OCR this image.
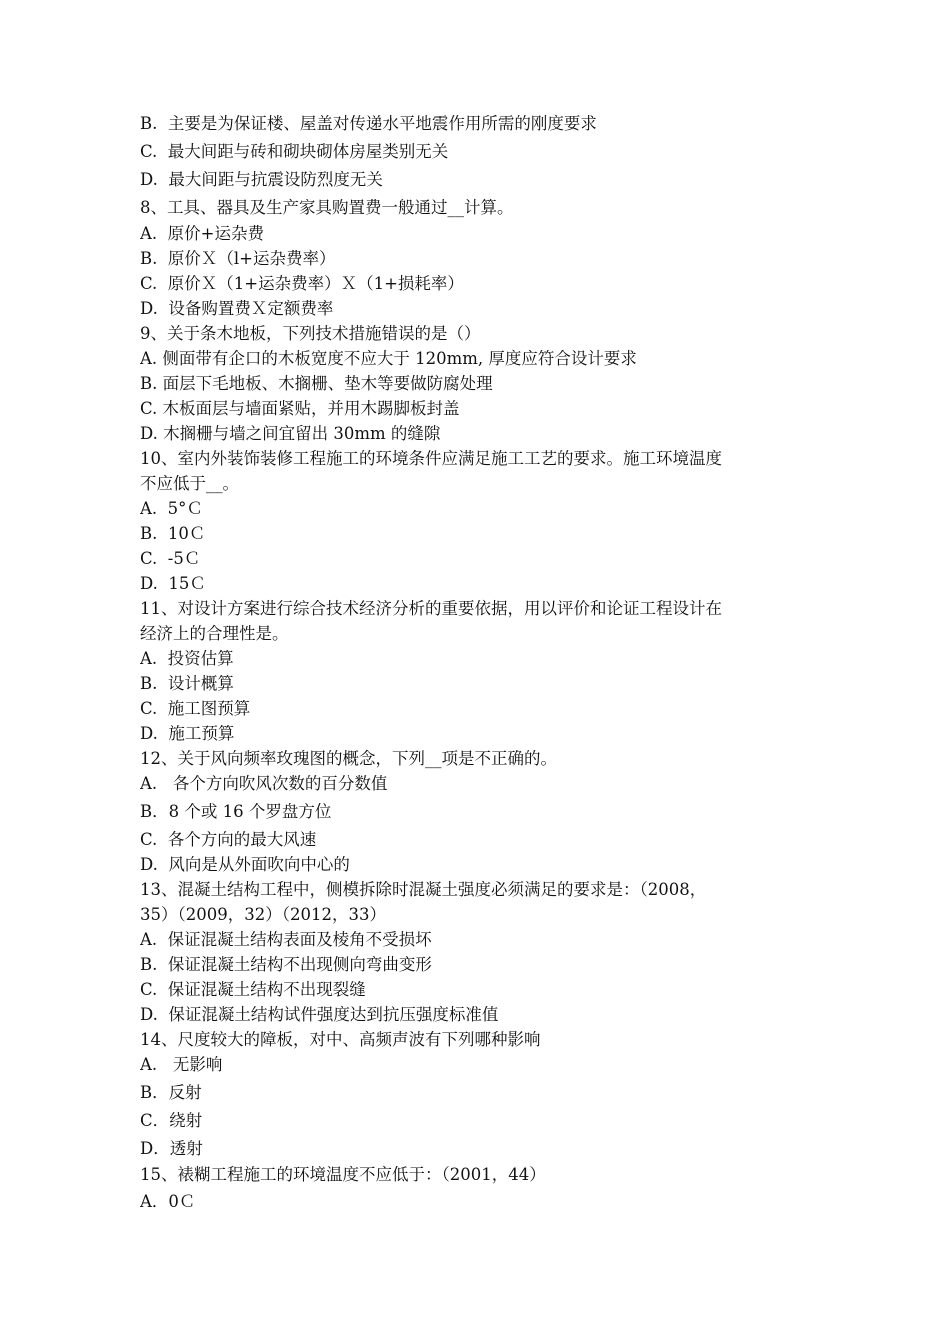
B.  主要是为保证楼、屋盖对传递水平地震作用所需的刚度要求
C.  最大间距与砖和砌块砌体房屋类别无关
D.  最大间距与抗震设防烈度无关
8、工具、器具及生产家具购置费一般通过__计算。
A.  原价+运杂费
B.  原价Ｘ（l+运杂费率）
C.  原价Ｘ（1+运杂费率）Ｘ（1+损耗率）
D.  设备购置费Ｘ定额费率
9、关于条木地板，下列技术措施错误的是（）
A. 侧面带有企口的木板宽度不应大于 120mm, 厚度应符合设计要求
B. 面层下毛地板、木搁栅、垫木等要做防腐处理
C. 木板面层与墙面紧贴，并用木踢脚板封盖
D. 木搁栅与墙之间宜留出 30mm 的缝隙
10、室内外装饰装修工程施工的环境条件应满足施工工艺的要求。施工环境温度
不应低于__。
A.  5°Ｃ
B.  10Ｃ
C.  -5Ｃ
D.  15Ｃ
11、对设计方案进行综合技术经济分析的重要依据，用以评价和论证工程设计在
经济上的合理性是。
A.  投资估算
B.  设计概算
C.  施工图预算
D.  施工预算
12、关于风向频率玫瑰图的概念，下列__项是不正确的。
A.   各个方向吹风次数的百分数值
B．8 个或 16 个罗盘方位
C.  各个方向的最大风速
D.  风向是从外面吹向中心的
13、混凝土结构工程中，侧模拆除时混凝土强度必须满足的要求是：（2008，
35）（2009，32）（2012，33）
A.  保证混凝土结构表面及棱角不受损坏
B.  保证混凝土结构不出现侧向弯曲变形
C.  保证混凝土结构不出现裂缝
D.  保证混凝土结构试件强度达到抗压强度标准值
14、尺度较大的障板，对中、高频声波有下列哪种影响
A.   无影响
B．反射
C．绕射
D．透射
15、裱糊工程施工的环境温度不应低于：（2001，44）
A．0Ｃ
